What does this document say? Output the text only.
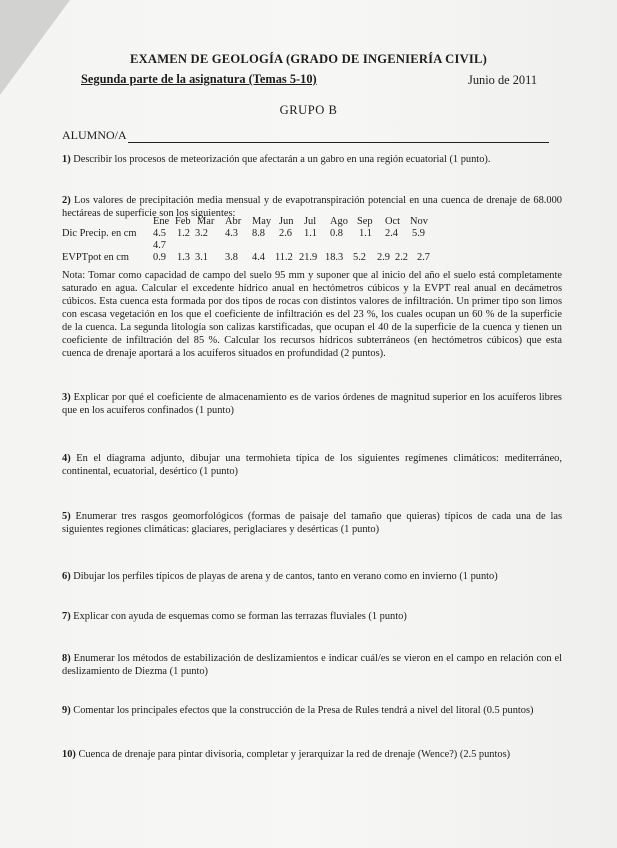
EXAMEN DE GEOLOGÍA (GRADO DE INGENIERÍA CIVIL)
Segunda parte de la asignatura (Temas 5-10)	Junio de 2011
GRUPO B
ALUMNO/A
1) Describir los procesos de meteorización que afectarán a un gabro en una región ecuatorial (1 punto).
2) Los valores de precipitación media mensual y de evapotranspiración potencial en una cuenca de drenaje de 68.000 hectáreas de superficie son los siguientes:
Ene Feb Mar Abr May Jun Jul Ago Sep Oct Nov
Dic Precip. en cm 4.5 1.2 3.2 4.3 8.8 2.6 1.1 0.8 1.1 2.4 5.9
4.7
EVPTpot en cm 0.9 1.3 3.1 3.8 4.4 11.2 21.9 18.3 5.2 2.9 2.2 2.7
Nota: Tomar como capacidad de campo del suelo 95 mm y suponer que al inicio del año el suelo está completamente saturado en agua. Calcular el excedente hídrico anual en hectómetros cúbicos y la EVPT real anual en decámetros cúbicos. Esta cuenca esta formada por dos tipos de rocas con distintos valores de infiltración. Un primer tipo son limos con escasa vegetación en los que el coeficiente de infiltración es del 23 %, los cuales ocupan un 60 % de la superficie de la cuenca. La segunda litología son calizas karstificadas, que ocupan el 40 de la superficie de la cuenca y tienen un coeficiente de infiltración del 85 %. Calcular los recursos hídricos subterráneos (en hectómetros cúbicos) que esta cuenca de drenaje aportará a los acuíferos situados en profundidad (2 puntos).
3) Explicar por qué el coeficiente de almacenamiento es de varios órdenes de magnitud superior en los acuíferos libres que en los acuíferos confinados (1 punto)
4) En el diagrama adjunto, dibujar una termohieta típica de los siguientes regímenes climáticos: mediterráneo, continental, ecuatorial, desértico (1 punto)
5) Enumerar tres rasgos geomorfológicos (formas de paisaje del tamaño que quieras) típicos de cada una de las siguientes regiones climáticas: glaciares, periglaciares y desérticas (1 punto)
6) Dibujar los perfiles típicos de playas de arena y de cantos, tanto en verano como en invierno (1 punto)
7) Explicar con ayuda de esquemas como se forman las terrazas fluviales (1 punto)
8) Enumerar los métodos de estabilización de deslizamientos e indicar cuál/es se vieron en el campo en relación con el deslizamiento de Diezma (1 punto)
9) Comentar los principales efectos que la construcción de la Presa de Rules tendrá a nivel del litoral (0.5 puntos)
10) Cuenca de drenaje para pintar divisoria, completar y jerarquizar la red de drenaje (Wence?) (2.5 puntos)
